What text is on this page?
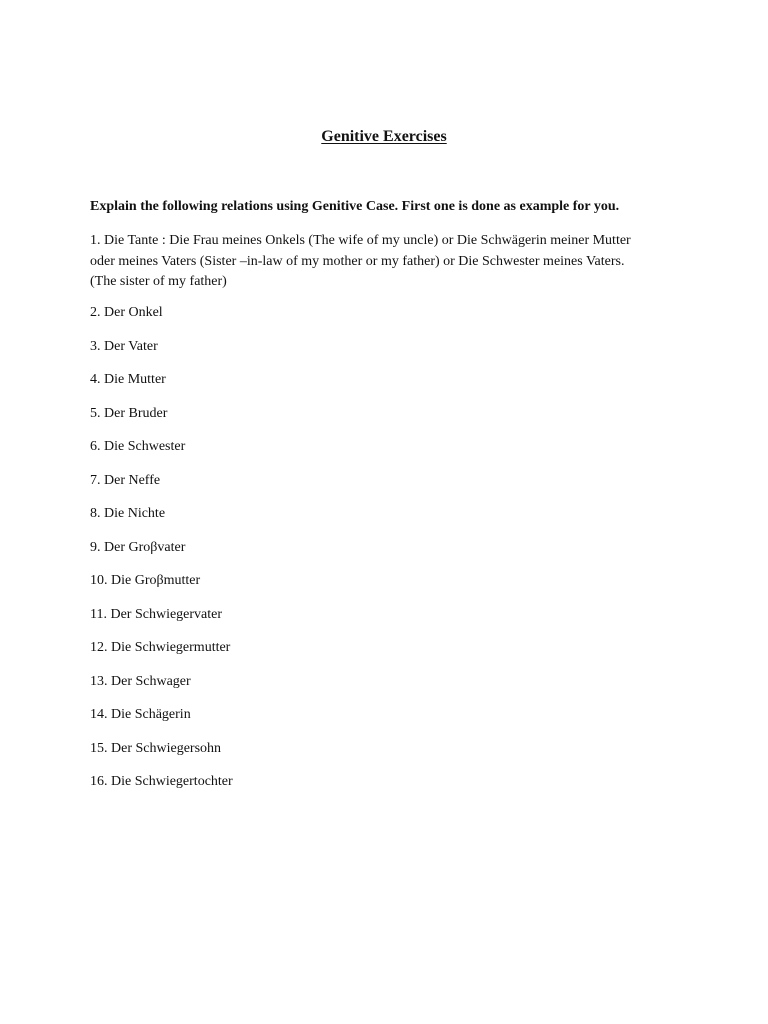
Genitive Exercises
Explain the following relations using Genitive Case. First one is done as example for you.
1. Die Tante : Die Frau meines Onkels (The wife of my uncle) or Die Schwägerin meiner Mutter
oder meines Vaters (Sister –in-law of my mother or my father) or Die Schwester meines Vaters.
(The sister of my father)
2. Der Onkel
3. Der Vater
4. Die Mutter
5. Der Bruder
6. Die Schwester
7. Der Neffe
8. Die Nichte
9. Der Groβvater
10. Die Groβmutter
11. Der Schwiegervater
12. Die Schwiegermutter
13. Der Schwager
14. Die Schägerin
15. Der Schwiegersohn
16. Die Schwiegertochter
